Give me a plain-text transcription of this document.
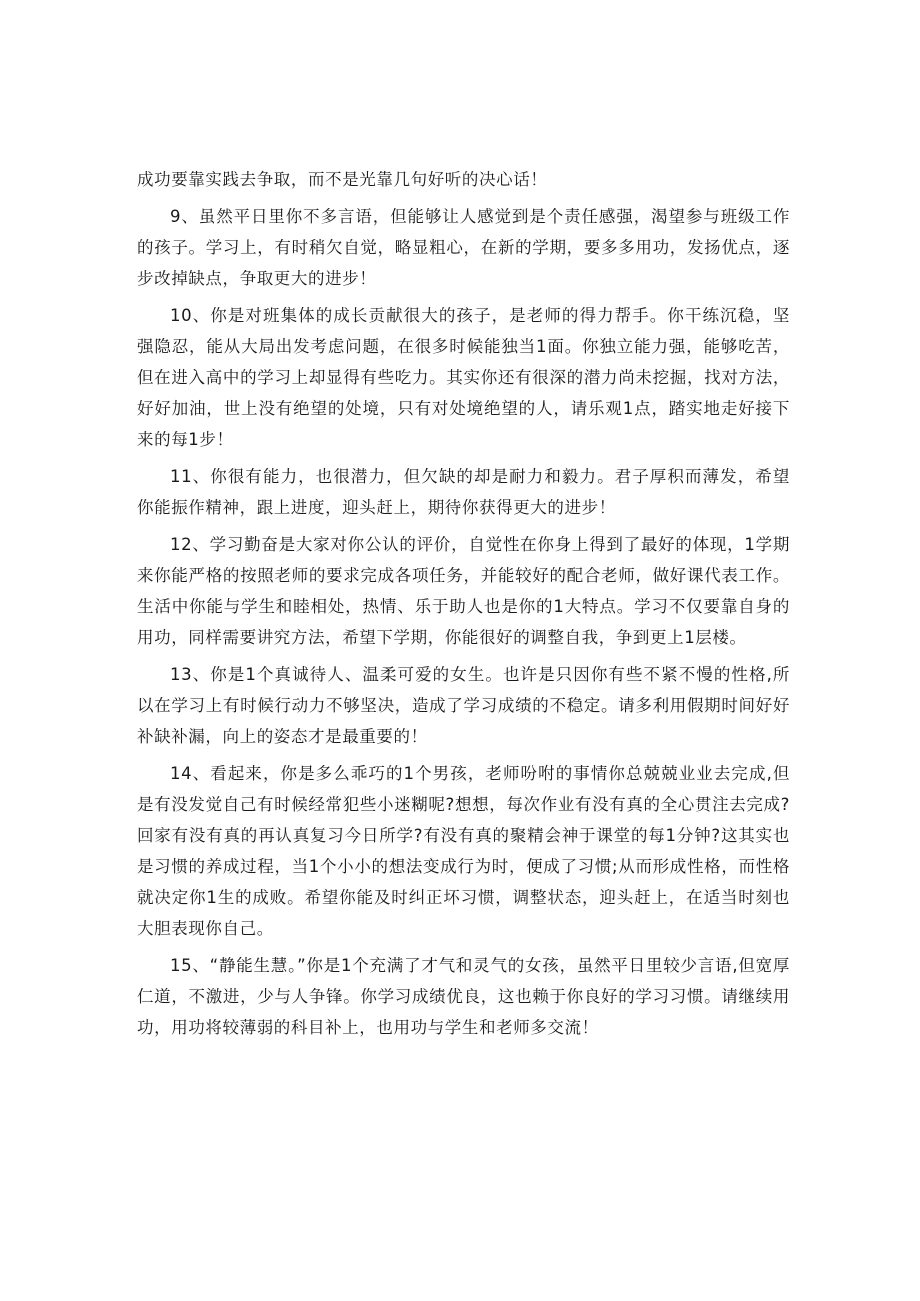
成功要靠实践去争取，而不是光靠几句好听的决心话！

9、虽然平日里你不多言语，但能够让人感觉到是个责任感强，渴望参与班级工作的孩子。学习上，有时稍欠自觉，略显粗心，在新的学期，要多多用功，发扬优点，逐步改掉缺点，争取更大的进步！

10、你是对班集体的成长贡献很大的孩子，是老师的得力帮手。你干练沉稳，坚强隐忍，能从大局出发考虑问题，在很多时候能独当1面。你独立能力强，能够吃苦，但在进入高中的学习上却显得有些吃力。其实你还有很深的潜力尚未挖掘，找对方法，好好加油，世上没有绝望的处境，只有对处境绝望的人，请乐观1点，踏实地走好接下来的每1步！

11、你很有能力，也很潜力，但欠缺的却是耐力和毅力。君子厚积而薄发，希望你能振作精神，跟上进度，迎头赶上，期待你获得更大的进步！

12、学习勤奋是大家对你公认的评价，自觉性在你身上得到了最好的体现，1学期来你能严格的按照老师的要求完成各项任务，并能较好的配合老师，做好课代表工作。生活中你能与学生和睦相处，热情、乐于助人也是你的1大特点。学习不仅要靠自身的用功，同样需要讲究方法，希望下学期，你能很好的调整自我，争到更上1层楼。

13、你是1个真诚待人、温柔可爱的女生。也许是只因你有些不紧不慢的性格,所以在学习上有时候行动力不够坚决，造成了学习成绩的不稳定。请多利用假期时间好好补缺补漏，向上的姿态才是最重要的！

14、看起来，你是多么乖巧的1个男孩，老师吩咐的事情你总兢兢业业去完成,但是有没发觉自己有时候经常犯些小迷糊呢?想想，每次作业有没有真的全心贯注去完成?回家有没有真的再认真复习今日所学?有没有真的聚精会神于课堂的每1分钟?这其实也是习惯的养成过程，当1个小小的想法变成行为时，便成了习惯;从而形成性格，而性格就决定你1生的成败。希望你能及时纠正坏习惯，调整状态，迎头赶上，在适当时刻也大胆表现你自己。

15、“静能生慧。”你是1个充满了才气和灵气的女孩，虽然平日里较少言语,但宽厚仁道，不激进，少与人争锋。你学习成绩优良，这也赖于你良好的学习习惯。请继续用功，用功将较薄弱的科目补上，也用功与学生和老师多交流！
